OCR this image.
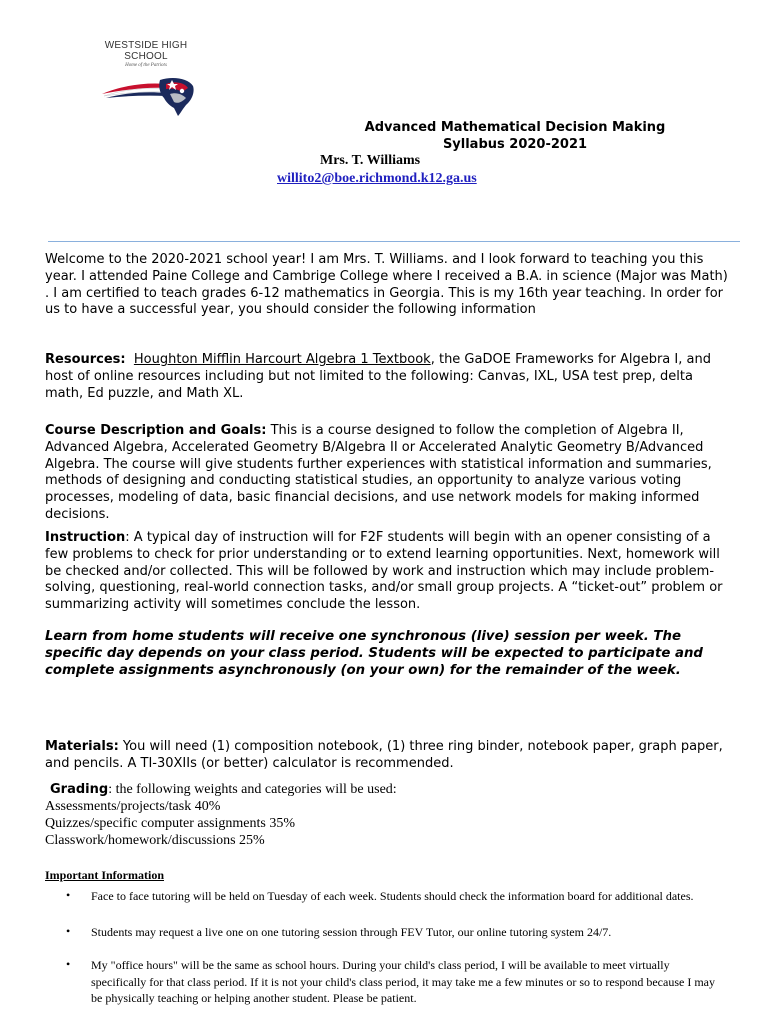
WESTSIDE HIGH
SCHOOL
Home of the Patriots
Advanced Mathematical Decision Making
Syllabus 2020-2021
Mrs. T. Williams
willito2@boe.richmond.k12.ga.us
Welcome to the 2020-2021 school year! I am Mrs. T. Williams. and I look forward to teaching you this year. I attended Paine College and Cambrige College where I received a B.A. in science (Major was Math) . I am certified to teach grades 6-12 mathematics in Georgia. This is my 16th year teaching. In order for us to have a successful year, you should consider the following information
Resources: Houghton Mifflin Harcourt Algebra 1 Textbook, the GaDOE Frameworks for Algebra I, and host of online resources including but not limited to the following: Canvas, IXL, USA test prep, delta math, Ed puzzle, and Math XL.
Course Description and Goals: This is a course designed to follow the completion of Algebra II, Advanced Algebra, Accelerated Geometry B/Algebra II or Accelerated Analytic Geometry B/Advanced Algebra. The course will give students further experiences with statistical information and summaries, methods of designing and conducting statistical studies, an opportunity to analyze various voting processes, modeling of data, basic financial decisions, and use network models for making informed decisions.
Instruction: A typical day of instruction will for F2F students will begin with an opener consisting of a few problems to check for prior understanding or to extend learning opportunities. Next, homework will be checked and/or collected. This will be followed by work and instruction which may include problem-solving, questioning, real-world connection tasks, and/or small group projects. A “ticket-out” problem or summarizing activity will sometimes conclude the lesson.
Learn from home students will receive one synchronous (live) session per week. The specific day depends on your class period. Students will be expected to participate and complete assignments asynchronously (on your own) for the remainder of the week.
Materials: You will need (1) composition notebook, (1) three ring binder, notebook paper, graph paper, and pencils. A TI-30XIIs (or better) calculator is recommended.
Grading: the following weights and categories will be used:
Assessments/projects/task 40%
Quizzes/specific computer assignments 35%
Classwork/homework/discussions 25%
Important Information
• Face to face tutoring will be held on Tuesday of each week. Students should check the information board for additional dates.
• Students may request a live one on one tutoring session through FEV Tutor, our online tutoring system 24/7.
• My "office hours" will be the same as school hours. During your child's class period, I will be available to meet virtually specifically for that class period. If it is not your child's class period, it may take me a few minutes or so to respond because I may be physically teaching or helping another student. Please be patient.
